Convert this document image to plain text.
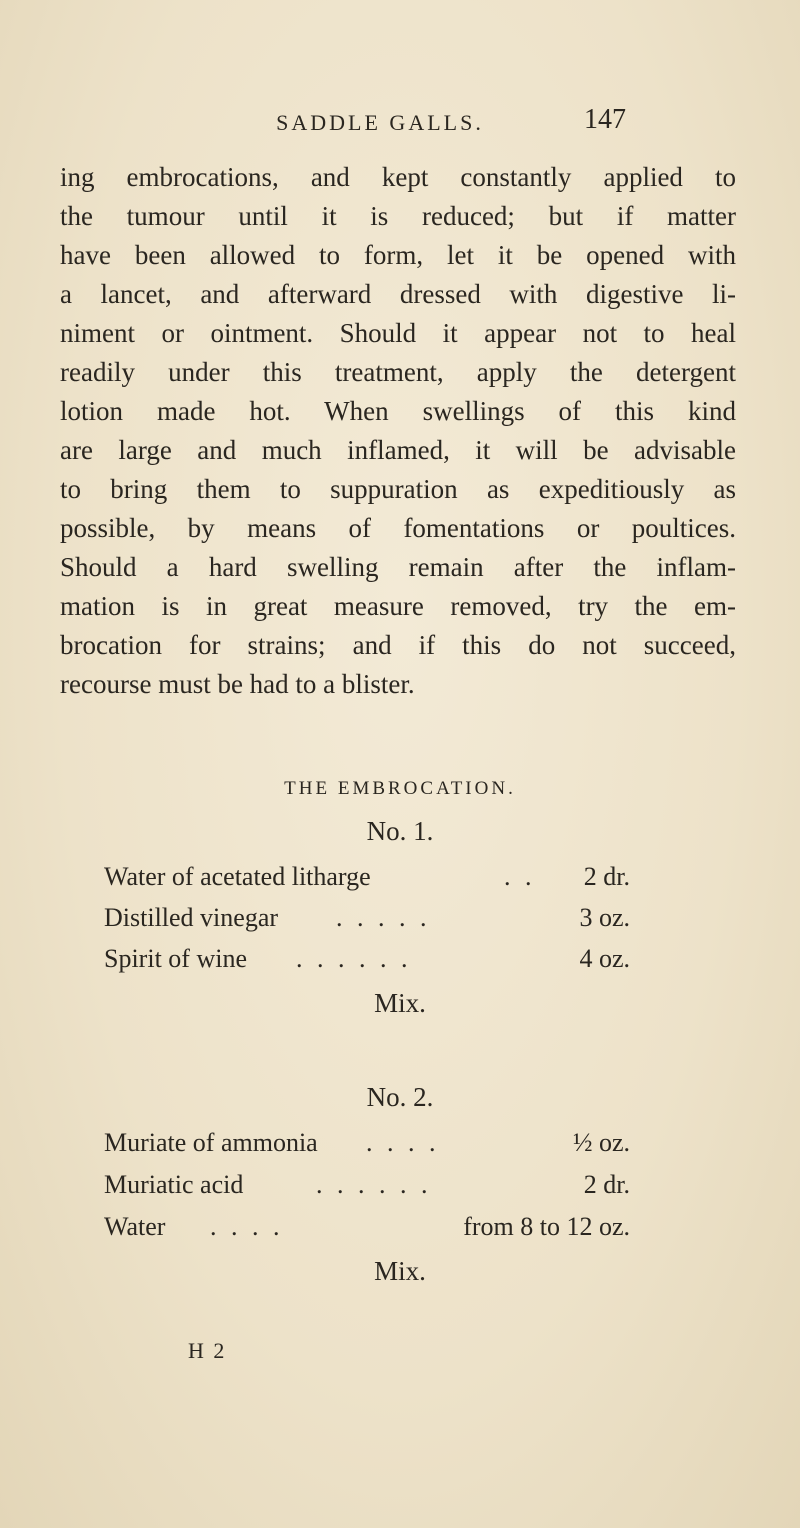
SADDLE GALLS.	147
ing embrocations, and kept constantly applied to
the tumour until it is reduced; but if matter
have been allowed to form, let it be opened with
a lancet, and afterward dressed with digestive li-
niment or ointment. Should it appear not to heal
readily under this treatment, apply the detergent
lotion made hot. When swellings of this kind
are large and much inflamed, it will be advisable
to bring them to suppuration as expeditiously as
possible, by means of fomentations or poultices.
Should a hard swelling remain after the inflam-
mation is in great measure removed, try the em-
brocation for strains; and if this do not succeed,
recourse must be had to a blister.
THE EMBROCATION.
No. 1.
Water of acetated litharge	. . 2 dr.
Distilled vinegar . . . . .	3 oz.
Spirit of wine . . . . . .	4 oz.
Mix.
No. 2.
Muriate of ammonia . . . .	½ oz.
Muriatic acid	. . . . . .	2 dr.
Water . . . .	from 8 to 12 oz.
Mix.
H 2
